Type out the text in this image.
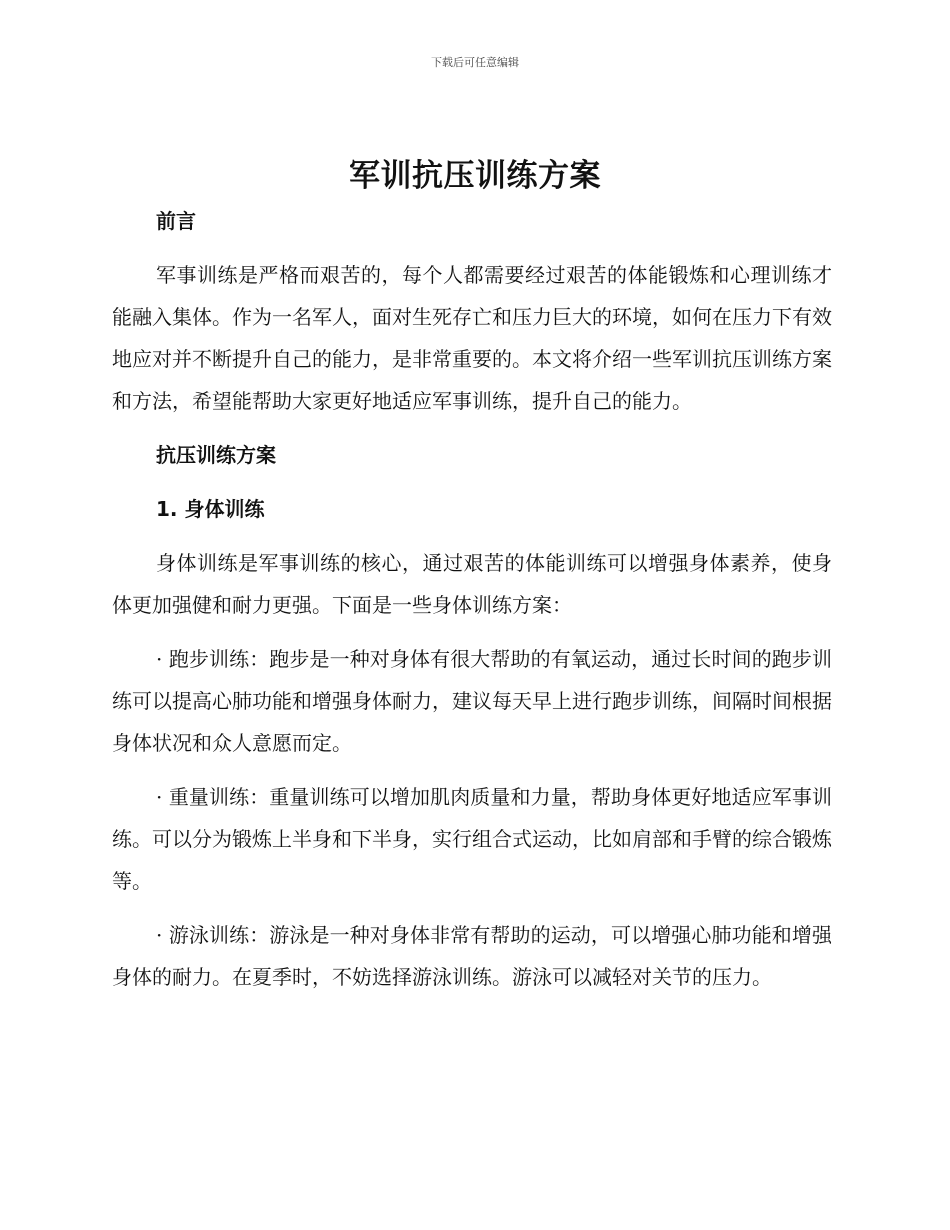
下载后可任意编辑
军训抗压训练方案

前言

军事训练是严格而艰苦的，每个人都需要经过艰苦的体能锻炼和心理训练才能融入集体。作为一名军人，面对生死存亡和压力巨大的环境，如何在压力下有效地应对并不断提升自己的能力，是非常重要的。本文将介绍一些军训抗压训练方案和方法，希望能帮助大家更好地适应军事训练，提升自己的能力。

抗压训练方案

1. 身体训练

身体训练是军事训练的核心，通过艰苦的体能训练可以增强身体素养，使身体更加强健和耐力更强。下面是一些身体训练方案：

· 跑步训练：跑步是一种对身体有很大帮助的有氧运动，通过长时间的跑步训练可以提高心肺功能和增强身体耐力，建议每天早上进行跑步训练，间隔时间根据身体状况和众人意愿而定。

· 重量训练：重量训练可以增加肌肉质量和力量，帮助身体更好地适应军事训练。可以分为锻炼上半身和下半身，实行组合式运动，比如肩部和手臂的综合锻炼等。

· 游泳训练：游泳是一种对身体非常有帮助的运动，可以增强心肺功能和增强身体的耐力。在夏季时，不妨选择游泳训练。游泳可以减轻对关节的压力。
